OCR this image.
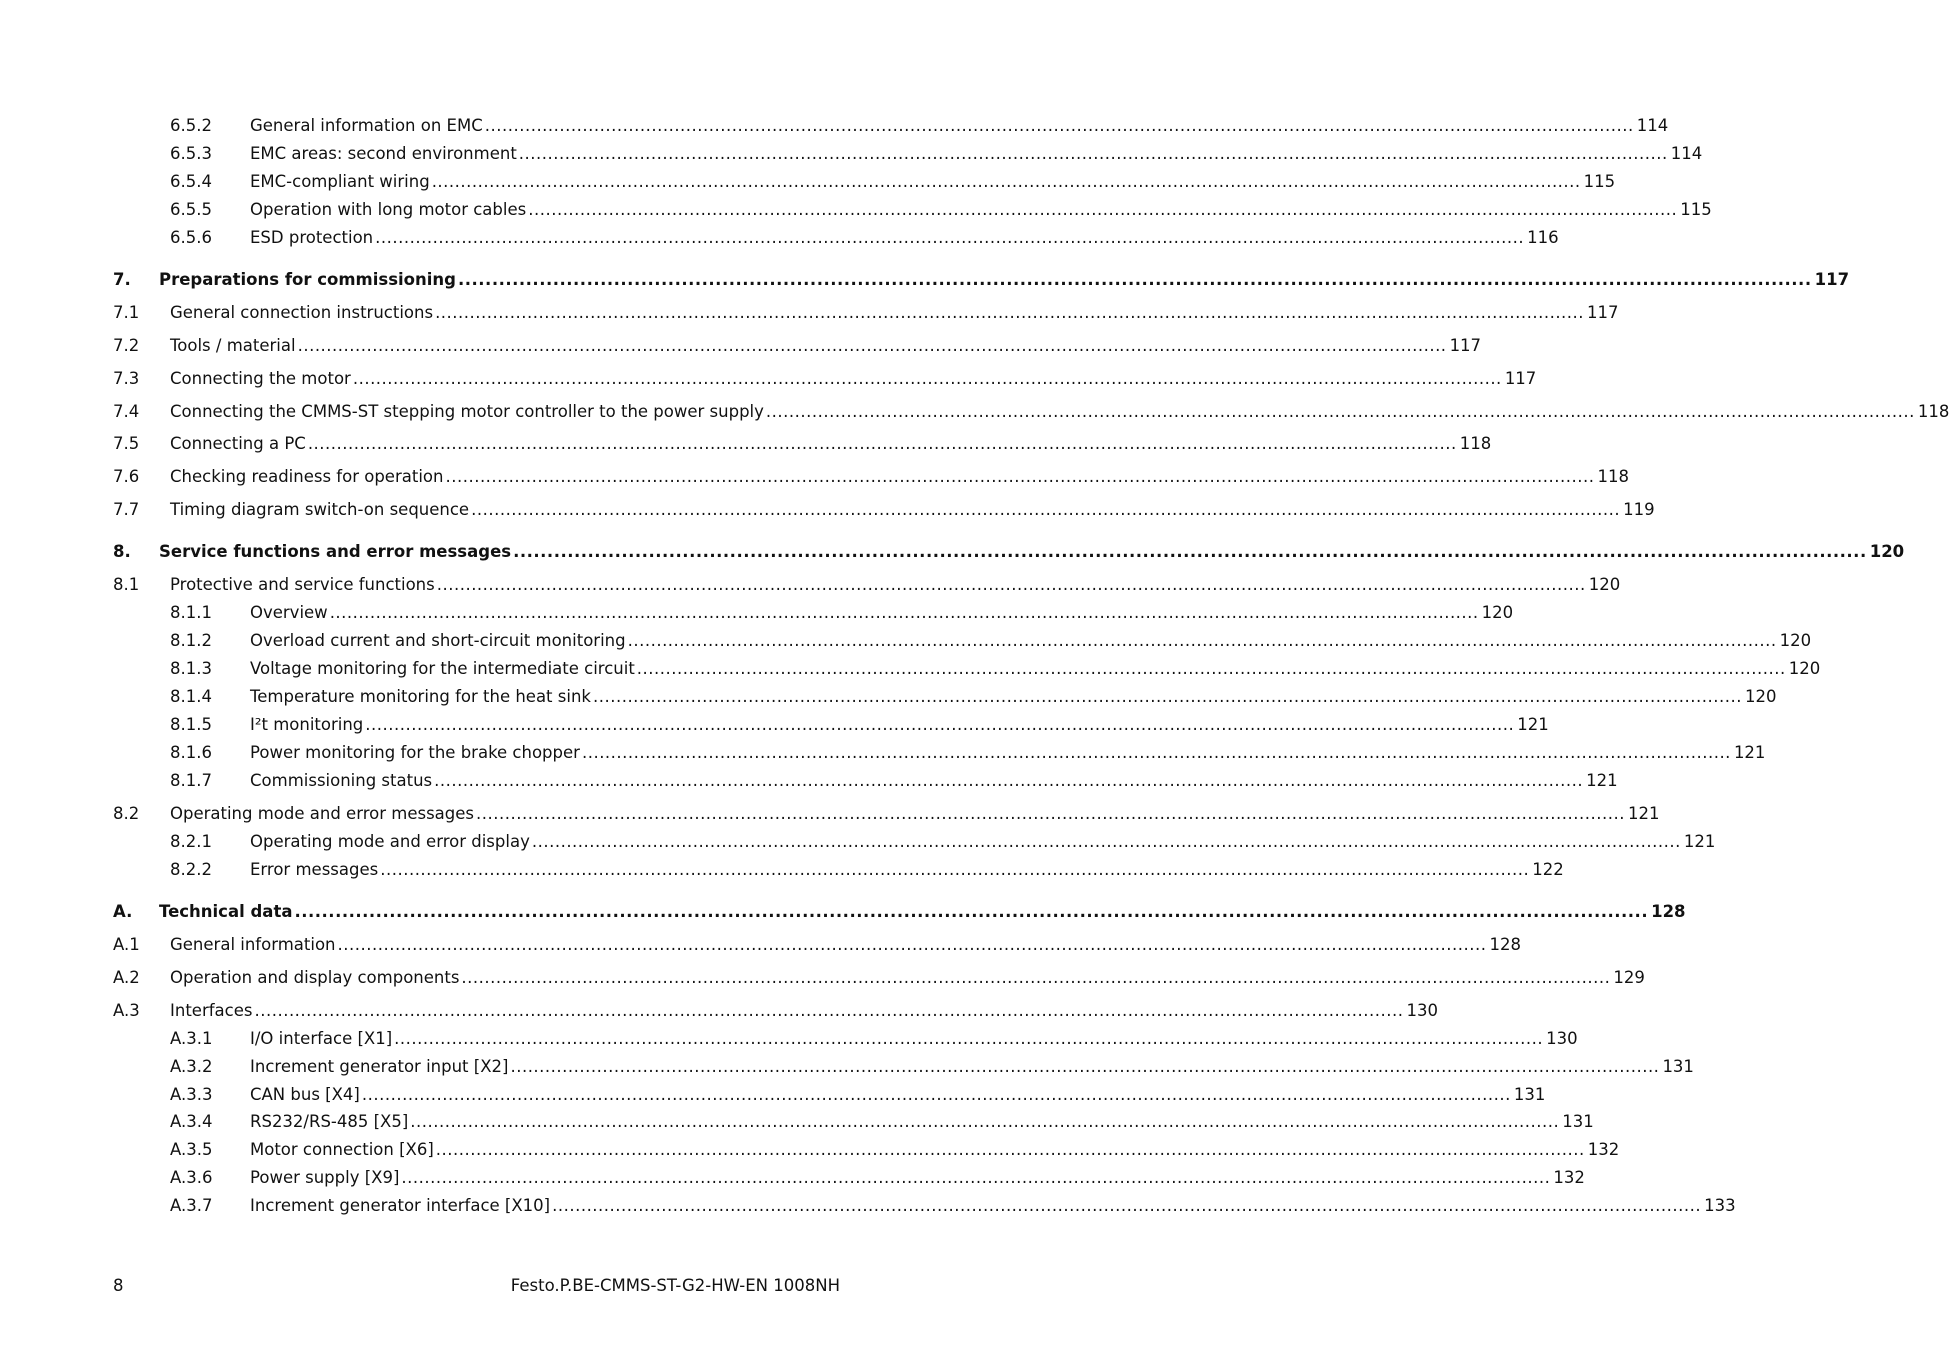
6.5.2 General information on EMC ........................................................................................................................................................................................................ 114
6.5.3 EMC areas: second environment ........................................................................................................................................................................................................ 114
6.5.4 EMC-compliant wiring ........................................................................................................................................................................................................ 115
6.5.5 Operation with long motor cables ........................................................................................................................................................................................................ 115
6.5.6 ESD protection ........................................................................................................................................................................................................ 116
7. Preparations for commissioning ........................................................................................................................................................................................................ 117
7.1 General connection instructions ........................................................................................................................................................................................................ 117
7.2 Tools / material ........................................................................................................................................................................................................ 117
7.3 Connecting the motor ........................................................................................................................................................................................................ 117
7.4 Connecting the CMMS-ST stepping motor controller to the power supply ........................................................................................................................................................................................................ 118
7.5 Connecting a PC ........................................................................................................................................................................................................ 118
7.6 Checking readiness for operation ........................................................................................................................................................................................................ 118
7.7 Timing diagram switch-on sequence ........................................................................................................................................................................................................ 119
8. Service functions and error messages ........................................................................................................................................................................................................ 120
8.1 Protective and service functions ........................................................................................................................................................................................................ 120
8.1.1 Overview ........................................................................................................................................................................................................ 120
8.1.2 Overload current and short-circuit monitoring ........................................................................................................................................................................................................ 120
8.1.3 Voltage monitoring for the intermediate circuit ........................................................................................................................................................................................................ 120
8.1.4 Temperature monitoring for the heat sink ........................................................................................................................................................................................................ 120
8.1.5 I²t monitoring ........................................................................................................................................................................................................ 121
8.1.6 Power monitoring for the brake chopper ........................................................................................................................................................................................................ 121
8.1.7 Commissioning status ........................................................................................................................................................................................................ 121
8.2 Operating mode and error messages ........................................................................................................................................................................................................ 121
8.2.1 Operating mode and error display ........................................................................................................................................................................................................ 121
8.2.2 Error messages ........................................................................................................................................................................................................ 122
A. Technical data ........................................................................................................................................................................................................ 128
A.1 General information ........................................................................................................................................................................................................ 128
A.2 Operation and display components ........................................................................................................................................................................................................ 129
A.3 Interfaces ........................................................................................................................................................................................................ 130
A.3.1 I/O interface [X1] ........................................................................................................................................................................................................ 130
A.3.2 Increment generator input [X2] ........................................................................................................................................................................................................ 131
A.3.3 CAN bus [X4] ........................................................................................................................................................................................................ 131
A.3.4 RS232/RS-485 [X5] ........................................................................................................................................................................................................ 131
A.3.5 Motor connection [X6] ........................................................................................................................................................................................................ 132
A.3.6 Power supply [X9] ........................................................................................................................................................................................................ 132
A.3.7 Increment generator interface [X10] ........................................................................................................................................................................................................ 133
8	Festo.P.BE-CMMS-ST-G2-HW-EN 1008NH
